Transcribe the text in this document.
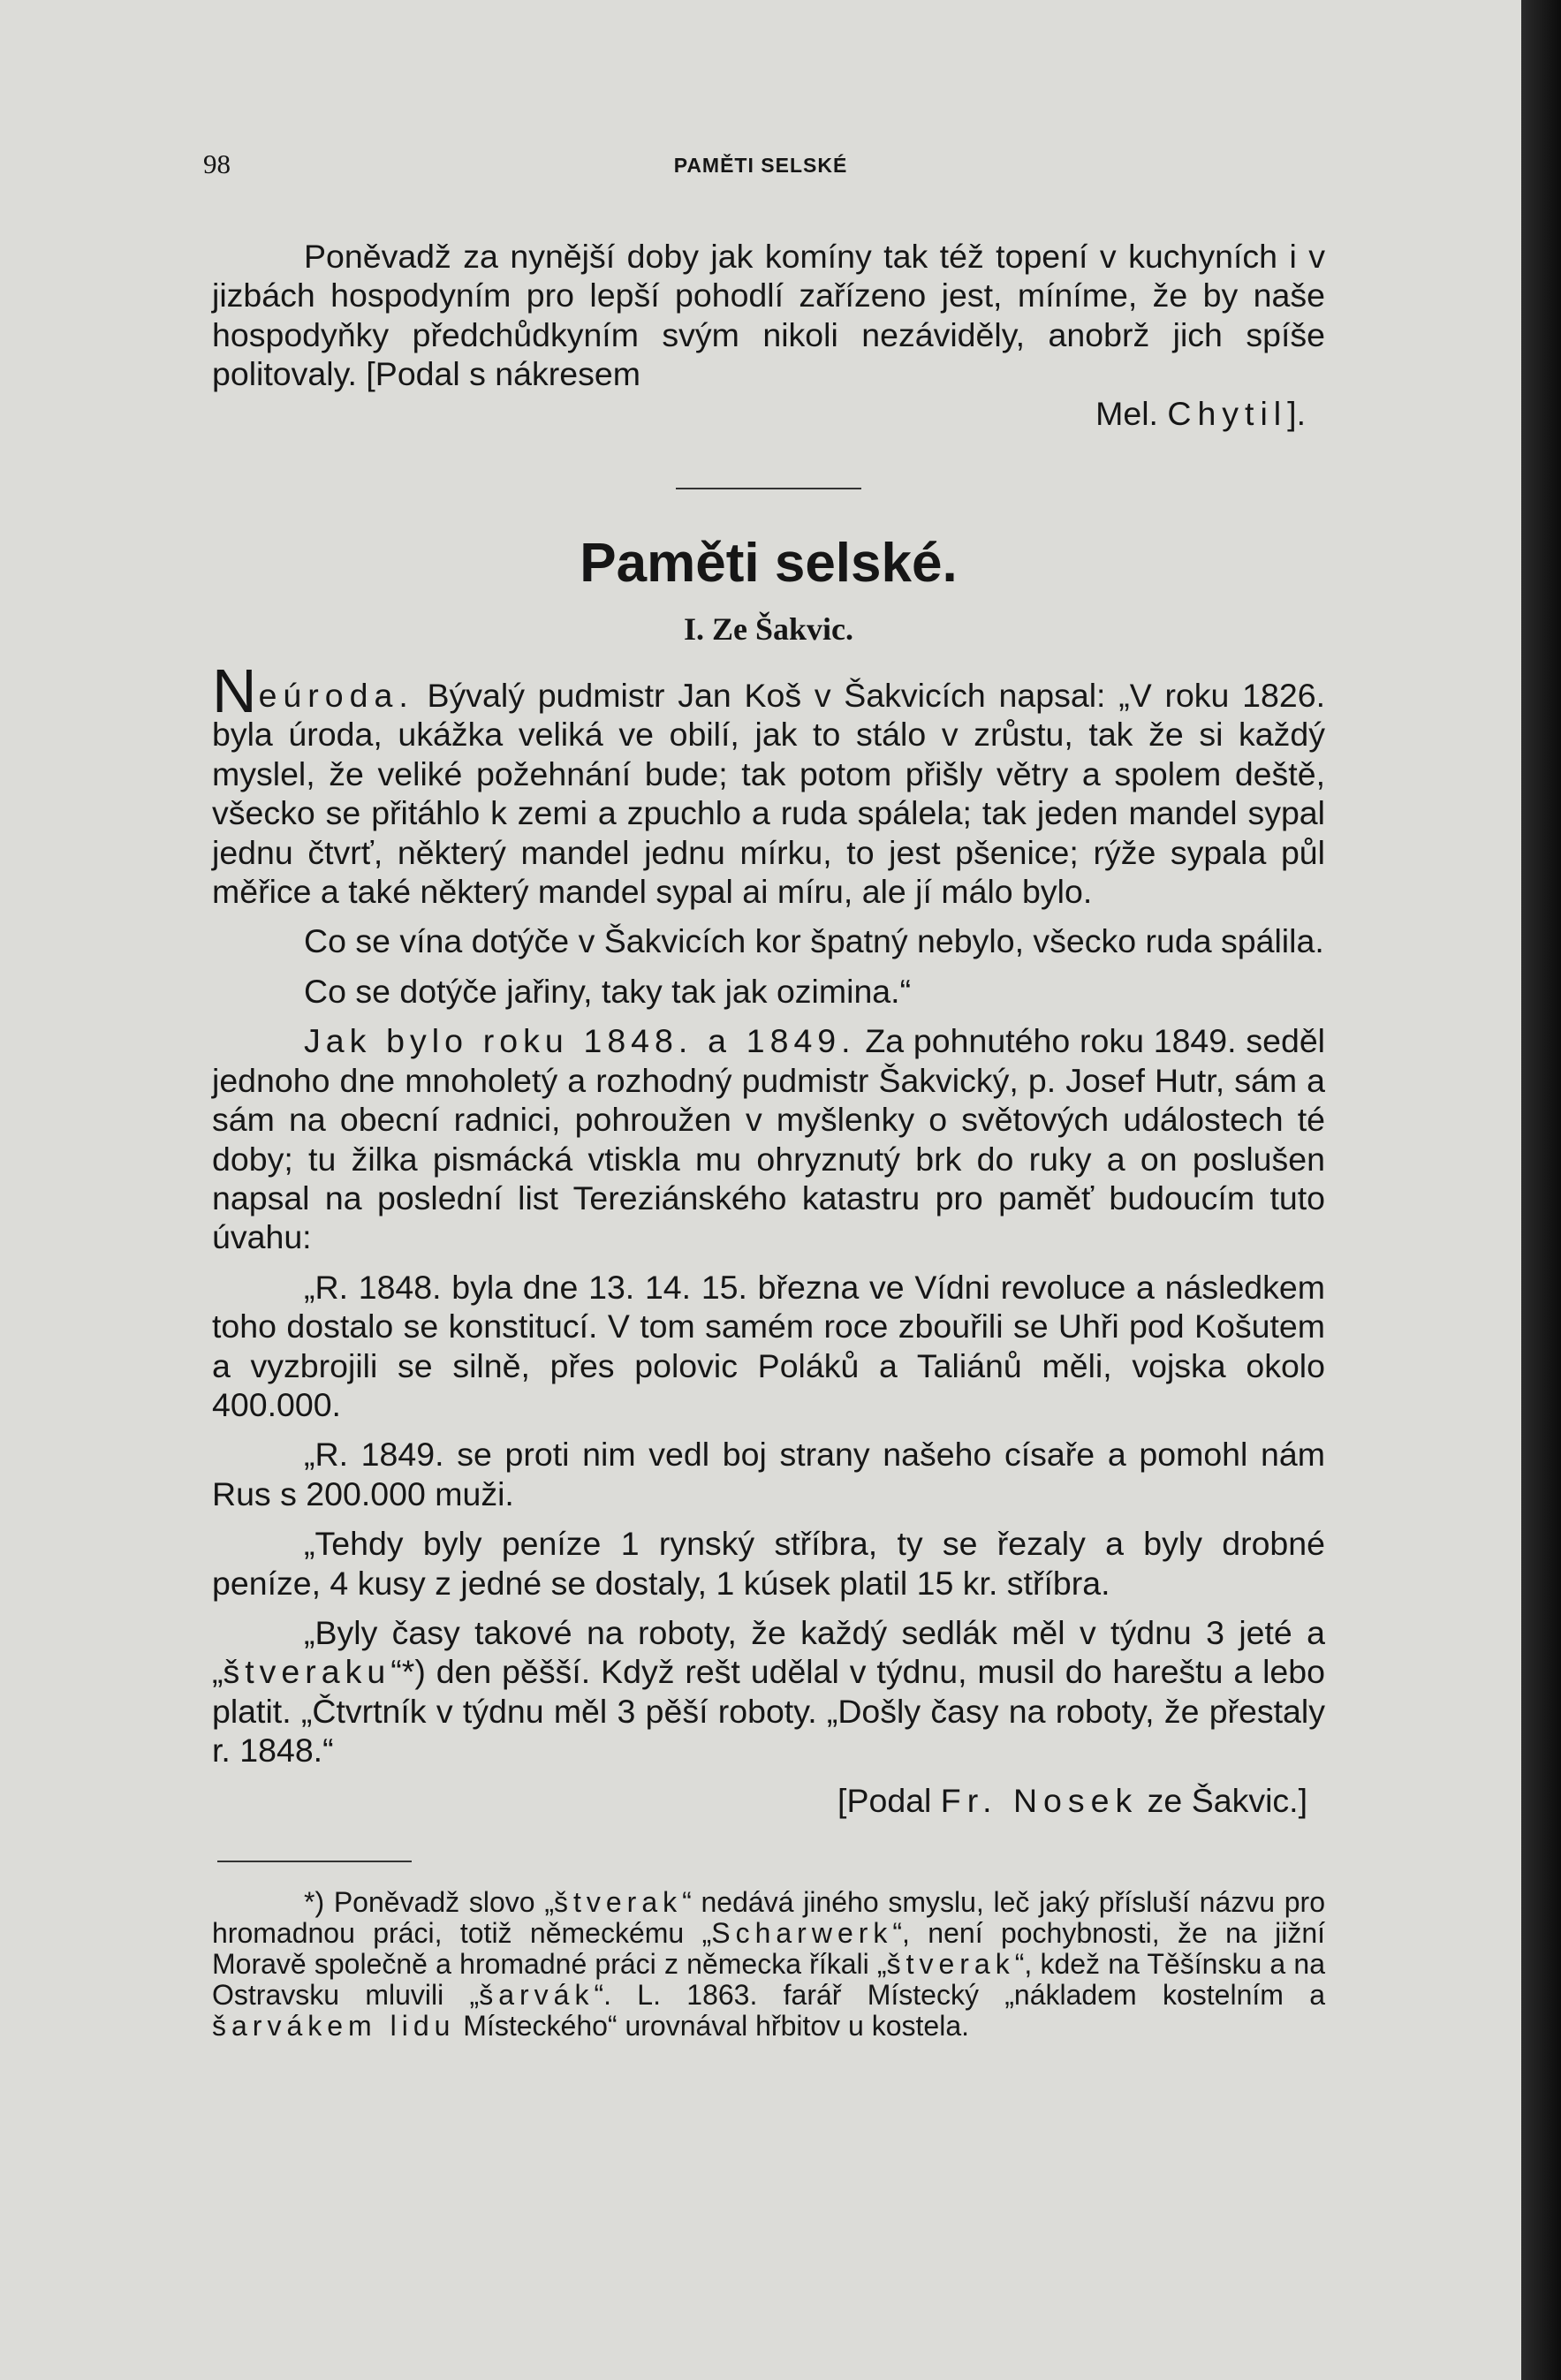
98	PAMĚTI SELSKÉ

Poněvadž za nynější doby jak komíny tak též topení v kuchyních i v jizbách hospodyním pro lepší pohodlí zařízeno jest, míníme, že by naše hospodyňky předchůdkyním svým nikoli nezáviděly, anobrž jich spíše politovaly. [Podal s nákresem

Mel. Chytil].

Paměti selské.
I. Ze Šakvic.

Neúroda. Bývalý pudmistr Jan Koš v Šakvicích napsal: „V roku 1826. byla úroda, ukážka veliká ve obilí, jak to stálo v zrůstu, tak že si každý myslel, že veliké požehnání bude; tak potom přišly větry a spolem deště, všecko se přitáhlo k zemi a zpuchlo a ruda spálela; tak jeden mandel sypal jednu čtvrť, některý mandel jednu mírku, to jest pšenice; rýže sypala půl měřice a také některý mandel sypal ai míru, ale jí málo bylo.

Co se vína dotýče v Šakvicích kor špatný nebylo, všecko ruda spálila.

Co se dotýče jařiny, taky tak jak ozimina.“

Jak bylo roku 1848. a 1849. Za pohnutého roku 1849. seděl jednoho dne mnoholetý a rozhodný pudmistr Šakvický, p. Josef Hutr, sám a sám na obecní radnici, pohroužen v myšlenky o světových událostech té doby; tu žilka pismácká vtiskla mu ohryznutý brk do ruky a on poslušen napsal na poslední list Tereziánského katastru pro paměť budoucím tuto úvahu:

„R. 1848. byla dne 13. 14. 15. března ve Vídni revoluce a následkem toho dostalo se konstitucí. V tom samém roce zbouřili se Uhři pod Košutem a vyzbrojili se silně, přes polovic Poláků a Taliánů měli, vojska okolo 400.000.

„R. 1849. se proti nim vedl boj strany našeho císaře a pomohl nám Rus s 200.000 muži.

„Tehdy byly peníze 1 rynský stříbra, ty se řezaly a byly drobné peníze, 4 kusy z jedné se dostaly, 1 kúsek platil 15 kr. stříbra.

„Byly časy takové na roboty, že každý sedlák měl v týdnu 3 jeté a „štveraku“*) den pěšší. Když rešt udělal v týdnu, musil do hareštu a lebo platit. „Čtvrtník v týdnu měl 3 pěší roboty. „Došly časy na roboty, že přestaly r. 1848.“

[Podal Fr. Nosek ze Šakvic.]

*) Poněvadž slovo „štverak“ nedává jiného smyslu, leč jaký přísluší názvu pro hromadnou práci, totiž německému „Scharwerk“, není pochybnosti, že na jižní Moravě společně a hromadné práci z německa říkali „štverak“, kdež na Těšínsku a na Ostravsku mluvili „šarvák“. L. 1863. farář Místecký „nákladem kostelním a šarvákem lidu Místeckého“ urovnával hřbitov u kostela.
